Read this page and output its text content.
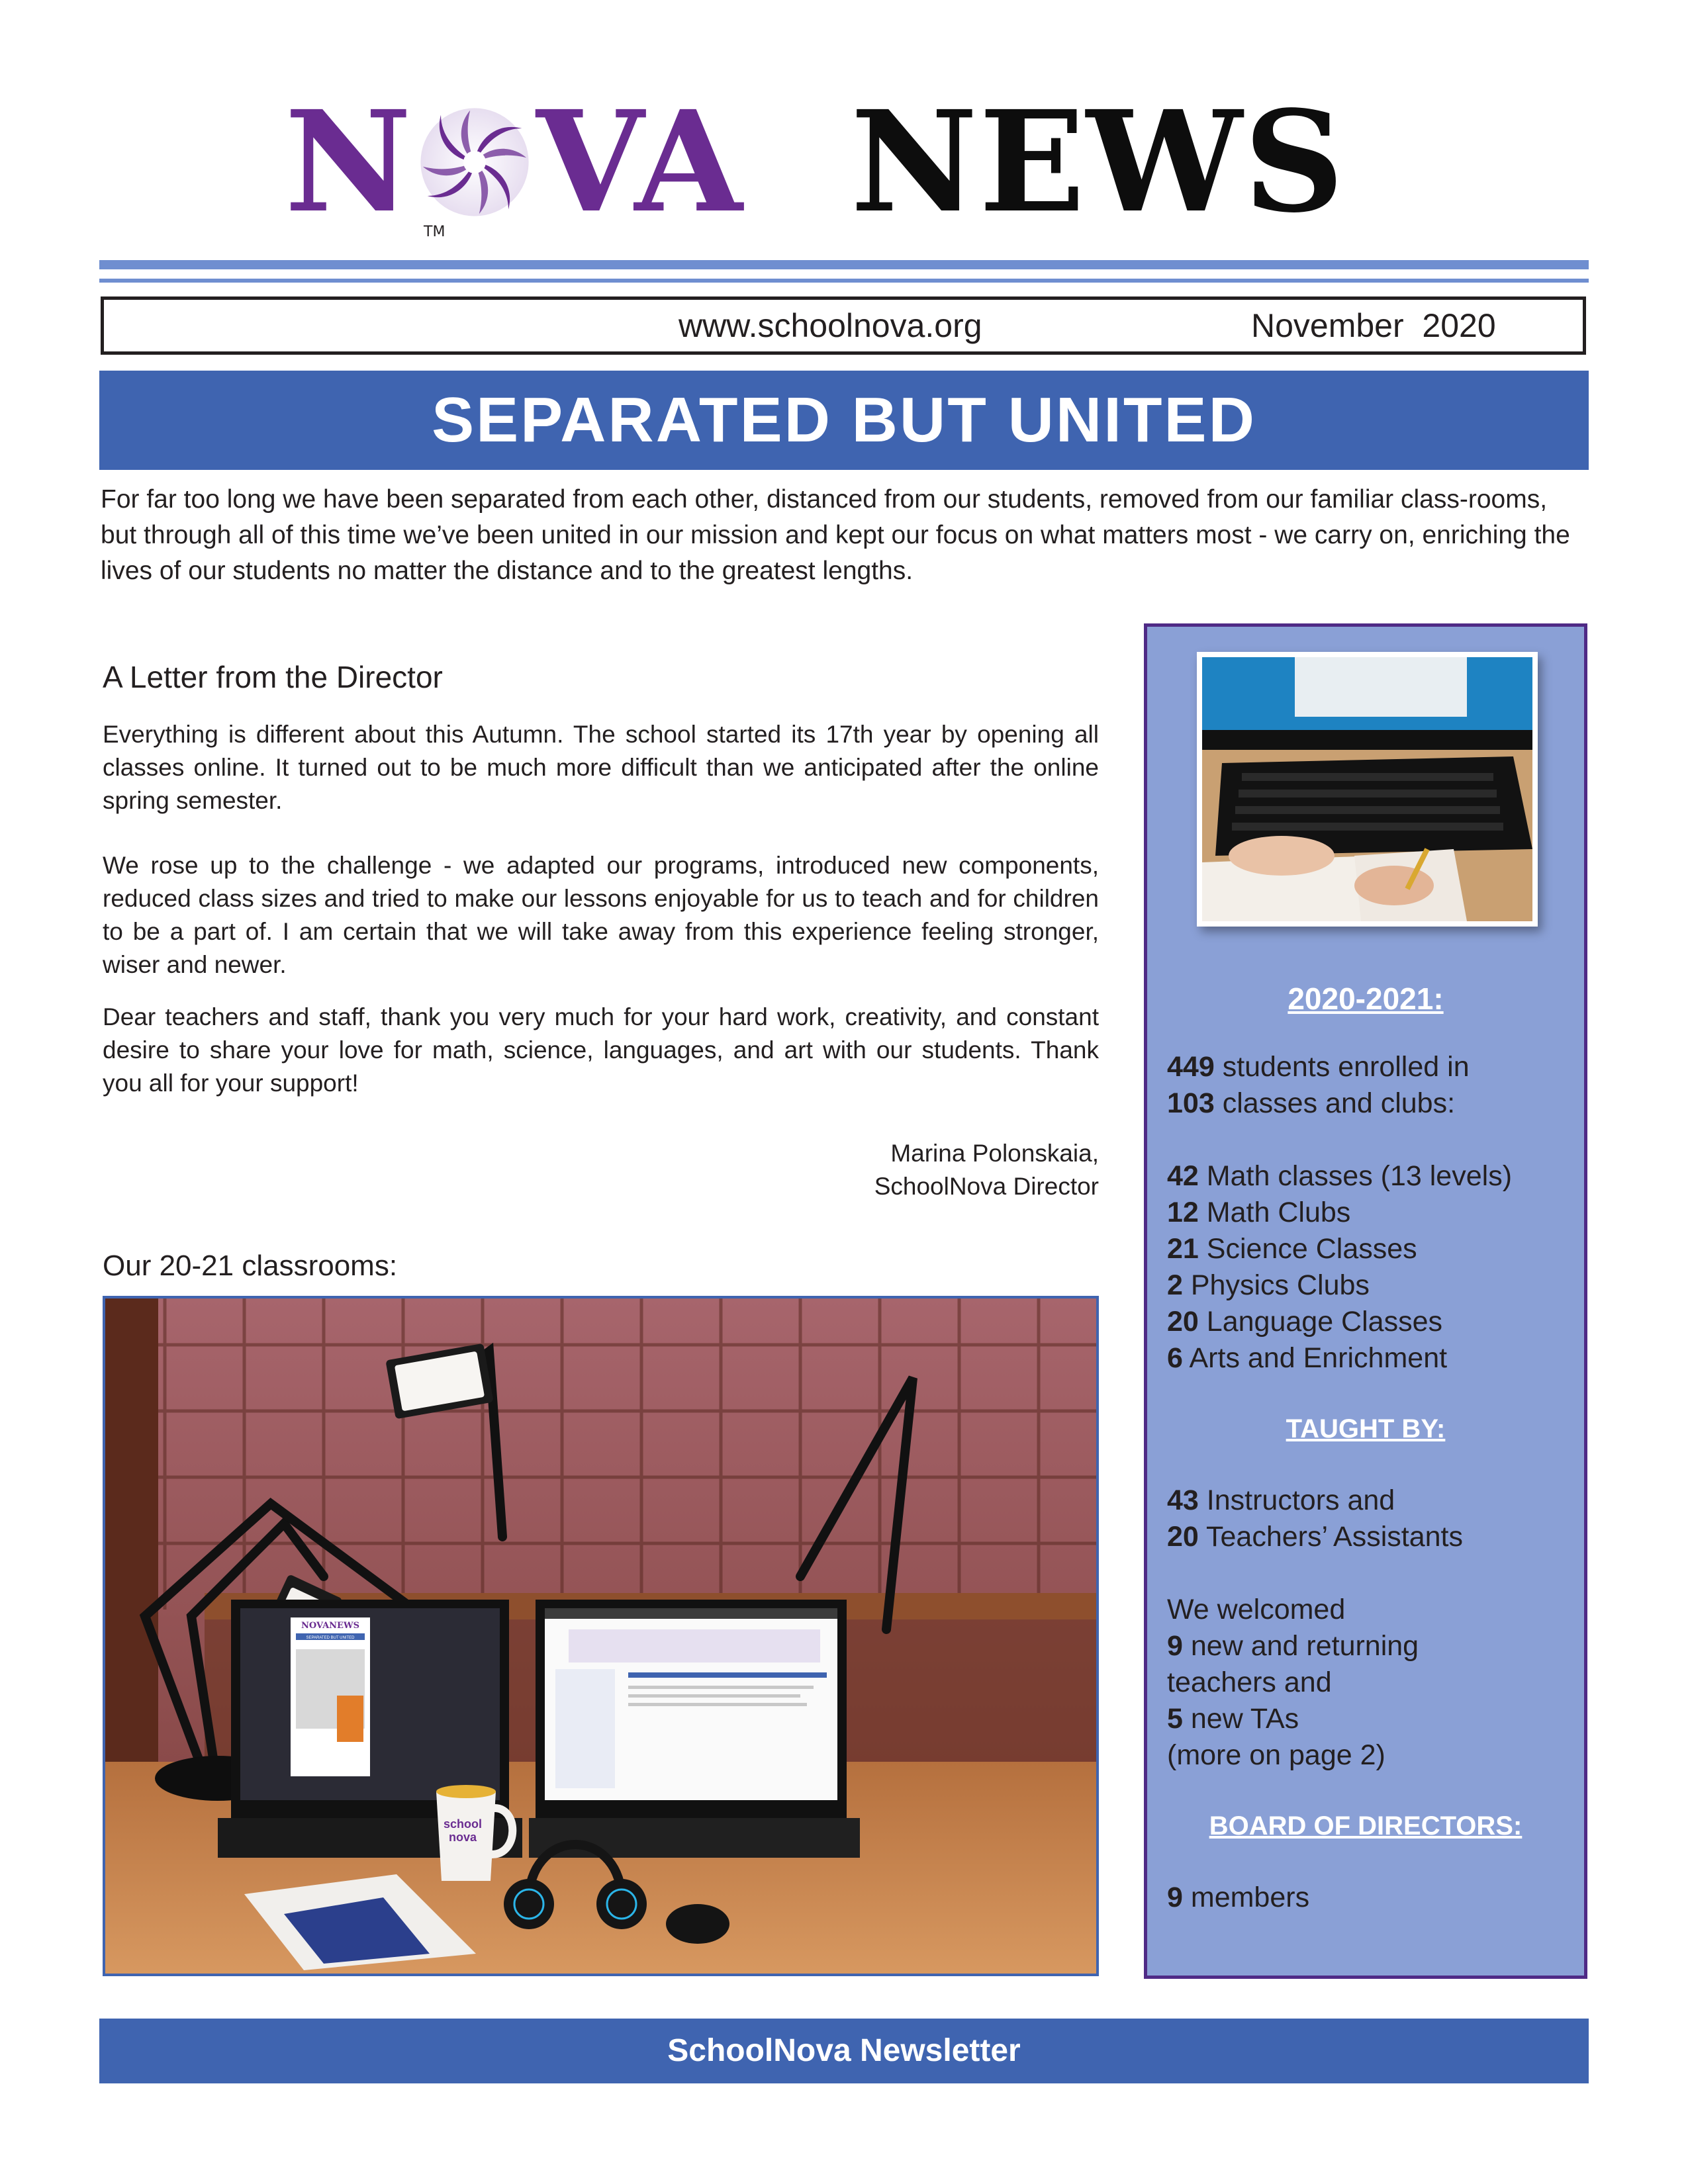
N VA NEWS
TM
www.schoolnova.org	November  2020
SEPARATED BUT UNITED
For far too long we have been separated from each other, distanced from our students, removed from our familiar class-rooms, but through all of this time we’ve been united in our mission and kept our focus on what matters most - we carry on, enriching the lives of our students no matter the distance and to the greatest lengths.
A Letter from the Director
Everything is different about this Autumn. The school started its 17th year by opening all classes online. It turned out to be much more difficult than we anticipated after the online spring semester.
We rose up to the challenge - we adapted our programs, introduced new components, reduced class sizes and tried to make our lessons enjoyable for us to teach and for children to be a part of. I am certain that we will take away from this experience feeling stronger, wiser and newer.
Dear teachers and staff, thank you very much for your hard work, creativity, and constant desire to share your love for math, science, languages, and art with our students. Thank you all for your support!
Marina Polonskaia,
SchoolNova Director
Our 20-21 classrooms:
NOVANEWS
SEPARATED BUT UNITED
school
nova
2020-2021:
449 students enrolled in
103 classes and clubs:
42 Math classes (13 levels)
12 Math Clubs
21 Science Classes
2 Physics Clubs
20 Language Classes
6 Arts and Enrichment
TAUGHT BY:
43 Instructors and
20 Teachers’ Assistants
We welcomed
9 new and returning
teachers and
5 new TAs
(more on page 2)
BOARD OF DIRECTORS:
9 members
SchoolNova Newsletter
